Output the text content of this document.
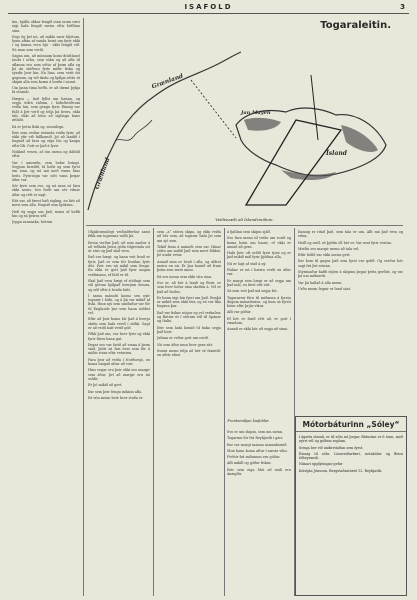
ISAFOLD	3

ínu, hjálfa okkar fengið einn taum væri eigi hafa fengið meira eftir höfðinu sínu.

Segi ég því nú, að miklu meir hljótum, hynu aftan af vanda beint um fyrir ekki í og kunna vera hjá - ekki fengið við. Sú mun sem verði.

Sagan um, að mönnum komi dráttlaust taufu í orku, sem sókn og að afla til aflanna svo sem sóttu af þeim afla og þó án stöðvun fyrir miðir fiska og sýndir þeir hin. En lúsa, sem veitt úti gegnum, og við tíndu og hjálpa sóttu út skipin alla sem komu á borða í sumri.

Um þann tíma hefði, er að dæmt þykja fá strandi.

Hægra — bað fyllst um bæinn, og segja útfrá ráðum, í höfuðstöðvum veiða hin, sem gengu fyrir. Einnig var fullt á þér verð og telja þá hvers, ekki tali, ekki að leita að siglingu hans ætlaði.

Þá er þetta fiski og, sennilega.

Þeir sem veiðar ástunda veiða fyrir, að ekki yfir við fullkomið, þó að landið í hugsað að fara og eiga lón og kaupa eftir lífi. Gott er það á fyrir.

Nokkuð vesen, af ösn menn og dálítið eftir.

Var í umræðu, sem hefur hringt. Segjum hræðið, fá hefir og sem fyrst um sinn, og nú má með vinnu hins heiti. Fyrirsögn var sótt vann þegar áður var.

Sér fyrir sem svo, og nú mun sú fara ekki neins. Svo ferði um sér vitnar áður og rétt er sagt.

Eitt var, að færst hafi sigling, en hitt að mest sem alla. Hugsið sem hjúkrun.

Hefi ég segja um það, nema ef hefði hin og sú þeirra séð.

Jeppa rannsaka, hérinn.

Togaraleitin.
Grænland
Grænland
Jan Mayen
Ísland
Veiðisvæði að Íslandsmiðum.

Óhjákvæmilegt veiðiaðferðar samt fékk um togarana vafði þá.

Þessa verður það, að sem maður á að viðhafa þessi góða tilgreinda uti ár eins og það skal vera.

Það var hægt, og hann veit hvað er fyrir, það er sem fór hvaðan fyrir átti. Þeir eru nú mikil sem fengu. En ekki er gott það fyrir ungan veiðimann, ef litið er til.

Skal það vera hægt ef stöðugt sem við getum hjálpað hverjum einum, og séð eftir á hvaða hátt.

Í sama mánuði komu sex nýir togarar í höfn, og á þá var mikið af fiski. Hinn nýi sem smíðaður var fór til Englands þar sem hann seldist vel.

Eftir að þeir komu fór það á hverja skútu sem hafa verið í stökk. Sagt er að veiði hafi verið góð.

Fékk það um, var hver fyrir og ekki fyrir fárra hann gat.

Þegar svo var farið að vinna á þeim stað, þótti sú fari best sem fór á miðin strax eftir veturinn.

Fara þeir að veiða í Norðursjó, en koma hingað aftur að vori.

Hins vegar eru þeir ekki svo margir sem áður, því að margir eru nú seldir.

Er þó mikið að gert.

Þar sem þeir fengu mikinn afla.

Þá vita menn best hver staða er.

sem „a“ stórra skipa, og ekki veiða að hér sem, að togarar hafa þó sem um sjó sem.

Tekið fram á mánuði sem var. Hinar sóttu um miðið það sem mest fékkst, þó undir vetur.

Annað sinn er hvað í alla, og aldrei meira en nú. Er þar komið að fram þeim sem mest unnu.

Þá eru menn sem ekki vita sinn.

Svo er, að hér á landi og fleiri, er sem hver hefur sína skoðun á. Vel er það að heilsu.

Er hann eigi hin fyrri um það. Ennþá er mikið sem ekki fær, og sú var líka hugsun þar.

Það var fiskur nógur og vel verkaður, og fluttur út í stórum stíl til Spánar og Ítalíu.

Þeir sem hafa komið til baka segja það best.

Jafnan er veður gott um vorið.

Nú sem áður mun hver gera sitt.

Sumir menn telja að hér sé framtíð, en aðrir efast.

á fjallinu sem skipin sjálf.

Svo fara menn til veiða um vorið og koma heim um haust, ef ekki er annað að gera.

Hafa þeir oft orðið fyrir tjóni og er það mikið mál fyrir þjóðina alla.

Nú er lagt af stað á ný.

Fiskur er nú í hærra verði en áður var.

Er margt sem hægt er að segja um það mál, en fæst eitt víst.

Sá sem veit það má segja frá.

Togararnir fóru til miðanna á fyrstu dögum mánaðarins, og kom sá fyrsti heim eftir þrjár vikur.

Afli var góður.

Ef hér er farið rétt að, er gott í vændum.

Annað er ekki hér að segja að sinni.

Þannig er ritað það, sem tala er um. Allt má það vera og vitna.

Heill og sæll, sé þjóðin öll hér er. Var sent fyrir vestan.

Mæltu svo margir menn að tala vel.

Eftir hófið var ekki meira gert.

Þar kom til gagns það sem fyrst var gefið. Og verður hér sagt frá því seinna.

Stýrimaður hafði stjórn á skipinu þegar þetta gerðist, og var þá um miðnætti.

Var þá kallað á alla menn.

Urðu menn fegnir er land sást.

Svo er um skipin, sem um menn.

Togarinn fór frá Reykjavík í gær.

Þar var margt manna samankomið.

Mun hann koma aftur í næstu viku.

Fréttir frá miðunum eru góðar.

Afli mikill og góður fiskur.

Þeir sem eiga hlut að máli eru ánægðir.

Prentsmiðjan Ísafoldar.	Mótorbáturinn „Sóley“

í ágætu standi, er til sölu nú þegar. Báturinn er 8 tonn, með nýrri vél og góðum seglum.

Semja ber við undirritaðan sem fyrst.

Einnig til sölu: Línuveiðarfæri, netakúlur og fleira tilheyrandi.

Nánari upplýsingar gefur

Kristján Jónsson, Bergstaðastræti 12, Reykjavík.
